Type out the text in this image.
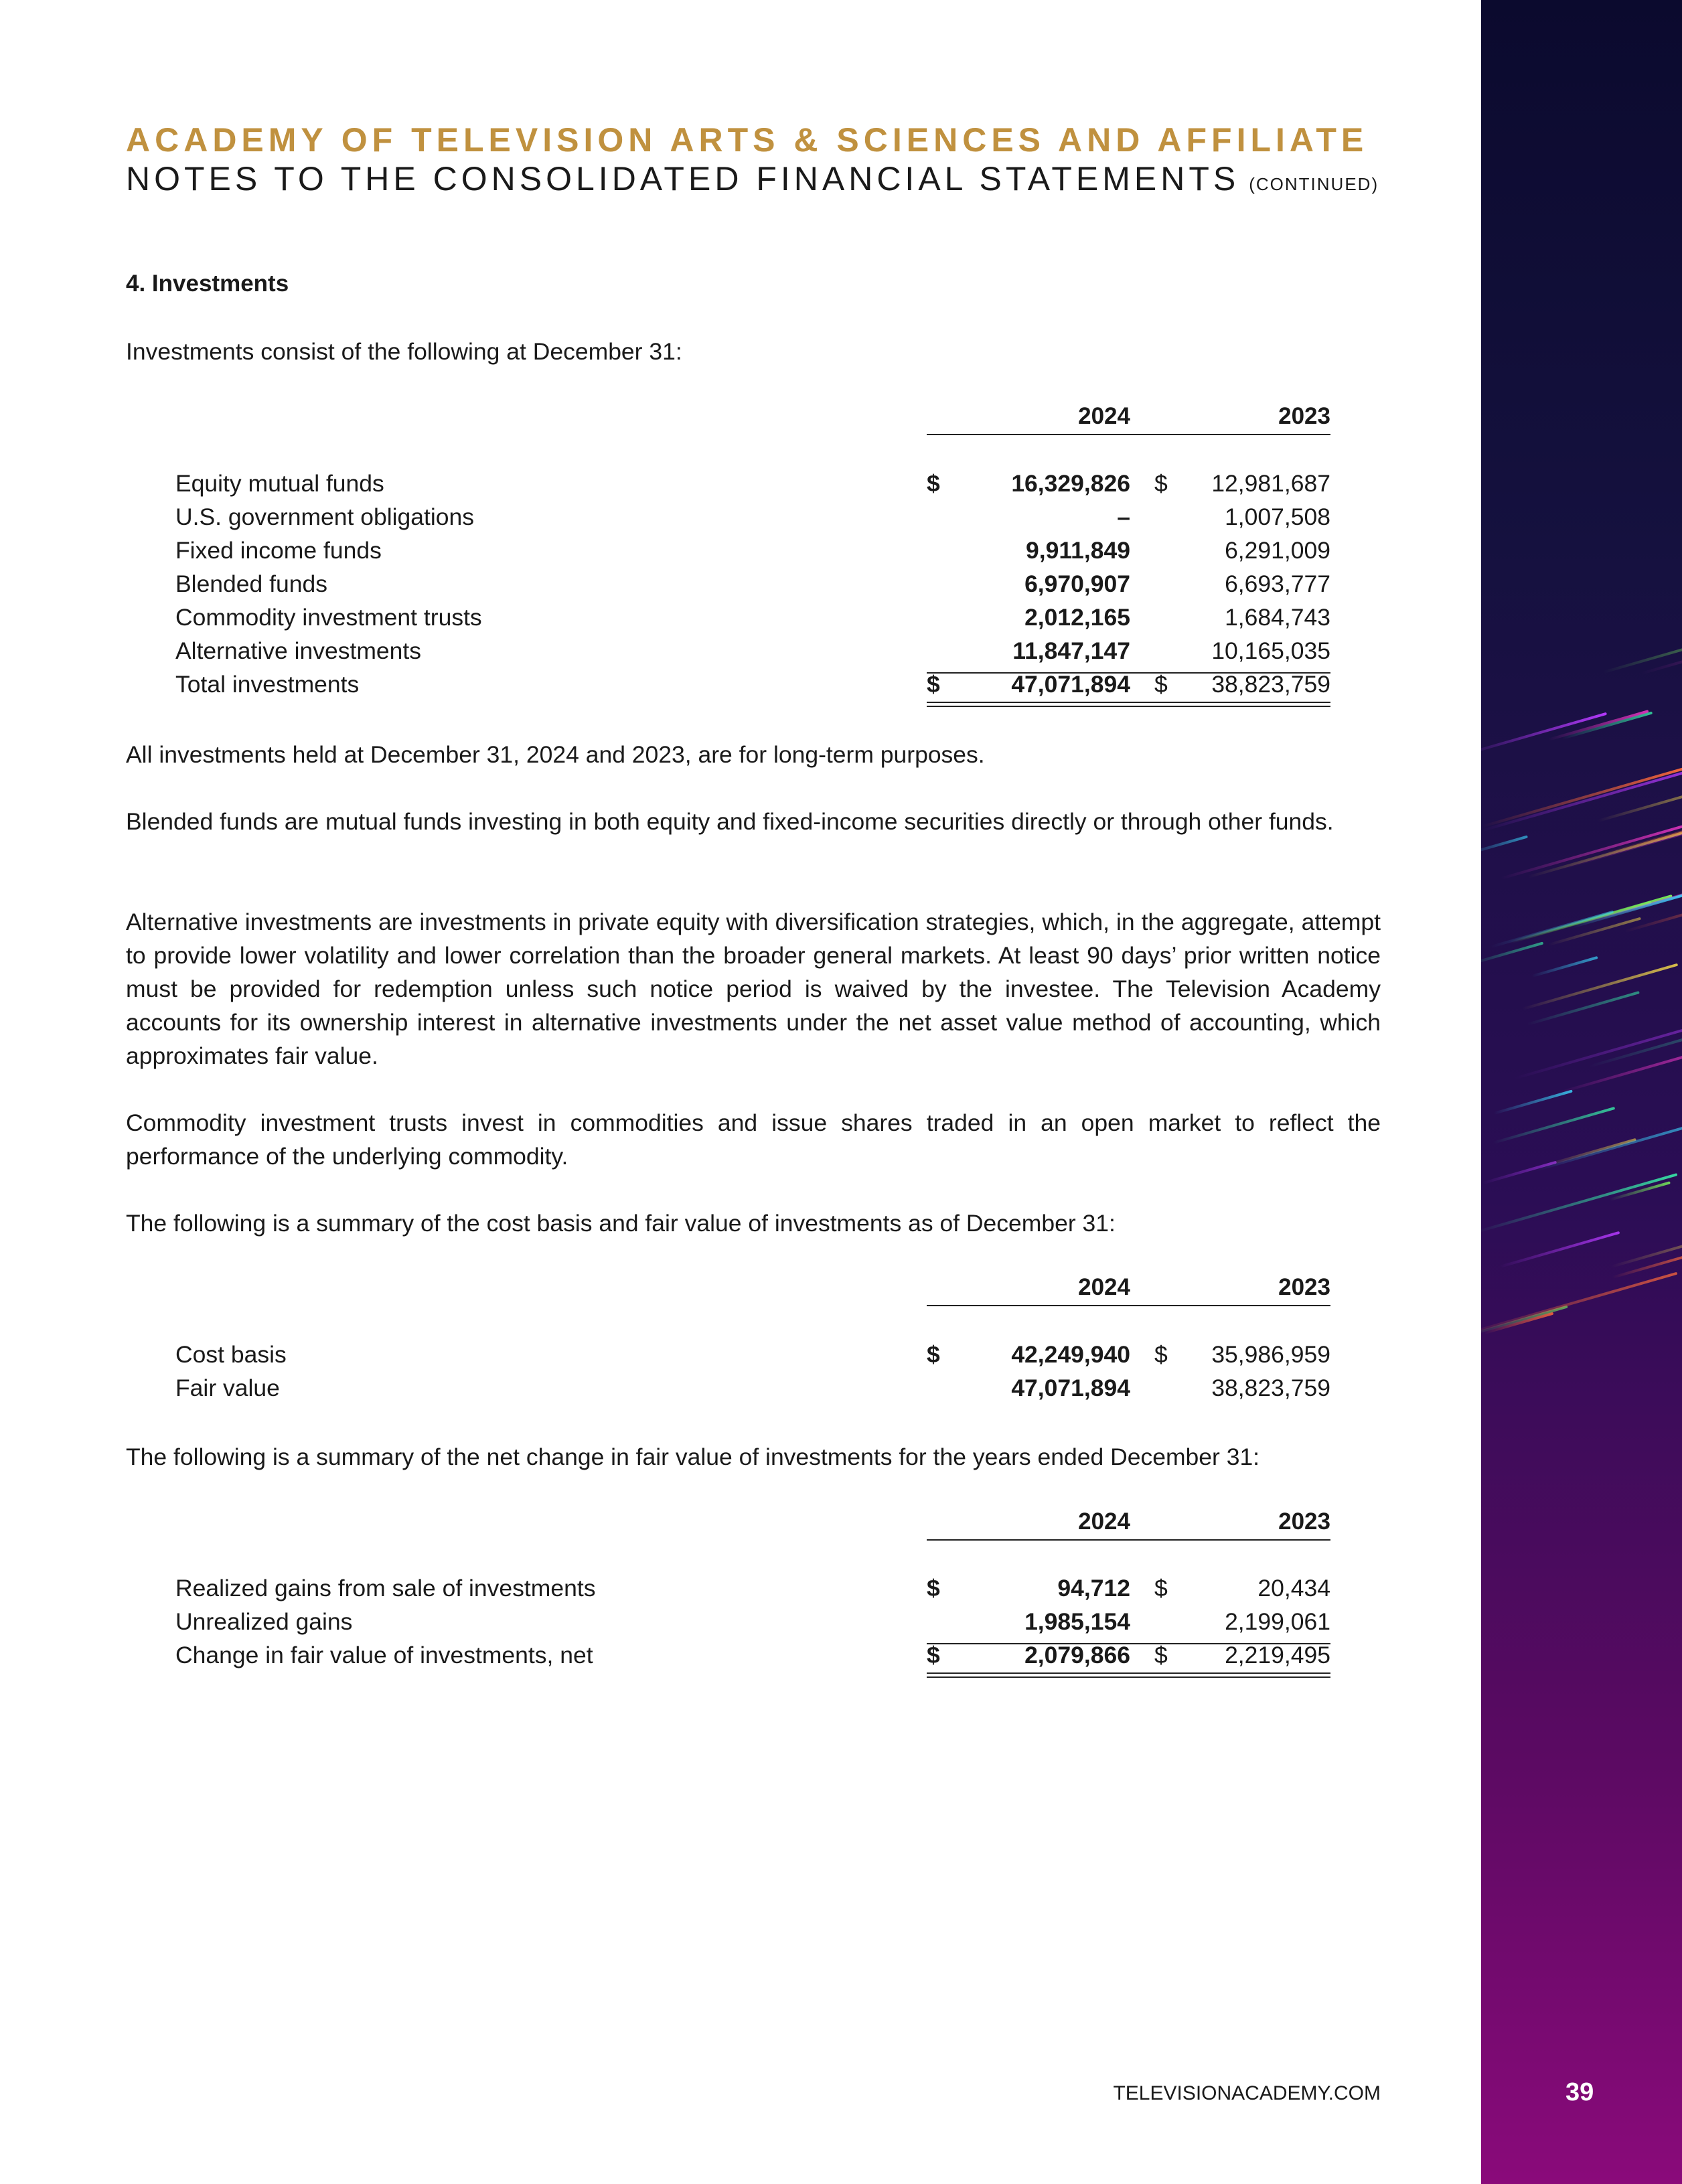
ACADEMY OF TELEVISION ARTS & SCIENCES AND AFFILIATE
NOTES TO THE CONSOLIDATED FINANCIAL STATEMENTS (CONTINUED)
4. Investments
Investments consist of the following at December 31:
2024	2023
Equity mutual funds	$	16,329,826 $ 12,981,687
U.S. government obligations	–	1,007,508
Fixed income funds	9,911,849	6,291,009
Blended funds	6,970,907	6,693,777
Commodity investment trusts	2,012,165	1,684,743
Alternative investments	11,847,147	10,165,035
Total investments	$	47,071,894 $ 38,823,759
All investments held at December 31, 2024 and 2023, are for long-term purposes.
Blended funds are mutual funds investing in both equity and fixed-income securities directly or through other funds.
Alternative investments are investments in private equity with diversification strategies, which, in the aggregate, attempt to provide lower volatility and lower correlation than the broader general markets. At least 90 days’ prior written notice must be provided for redemption unless such notice period is waived by the investee. The Television Academy accounts for its ownership interest in alternative investments under the net asset value method of accounting, which approximates fair value.
Commodity investment trusts invest in commodities and issue shares traded in an open market to reflect the performance of the underlying commodity.
The following is a summary of the cost basis and fair value of investments as of December 31:
2024	2023
Cost basis	$	42,249,940 $ 35,986,959
Fair value	47,071,894	38,823,759
The following is a summary of the net change in fair value of investments for the years ended December 31:
2024	2023
Realized gains from sale of investments	$	94,712 $	20,434
Unrealized gains	1,985,154	2,199,061
Change in fair value of investments, net	$	2,079,866 $ 2,219,495
TELEVISIONACADEMY.COM	39
